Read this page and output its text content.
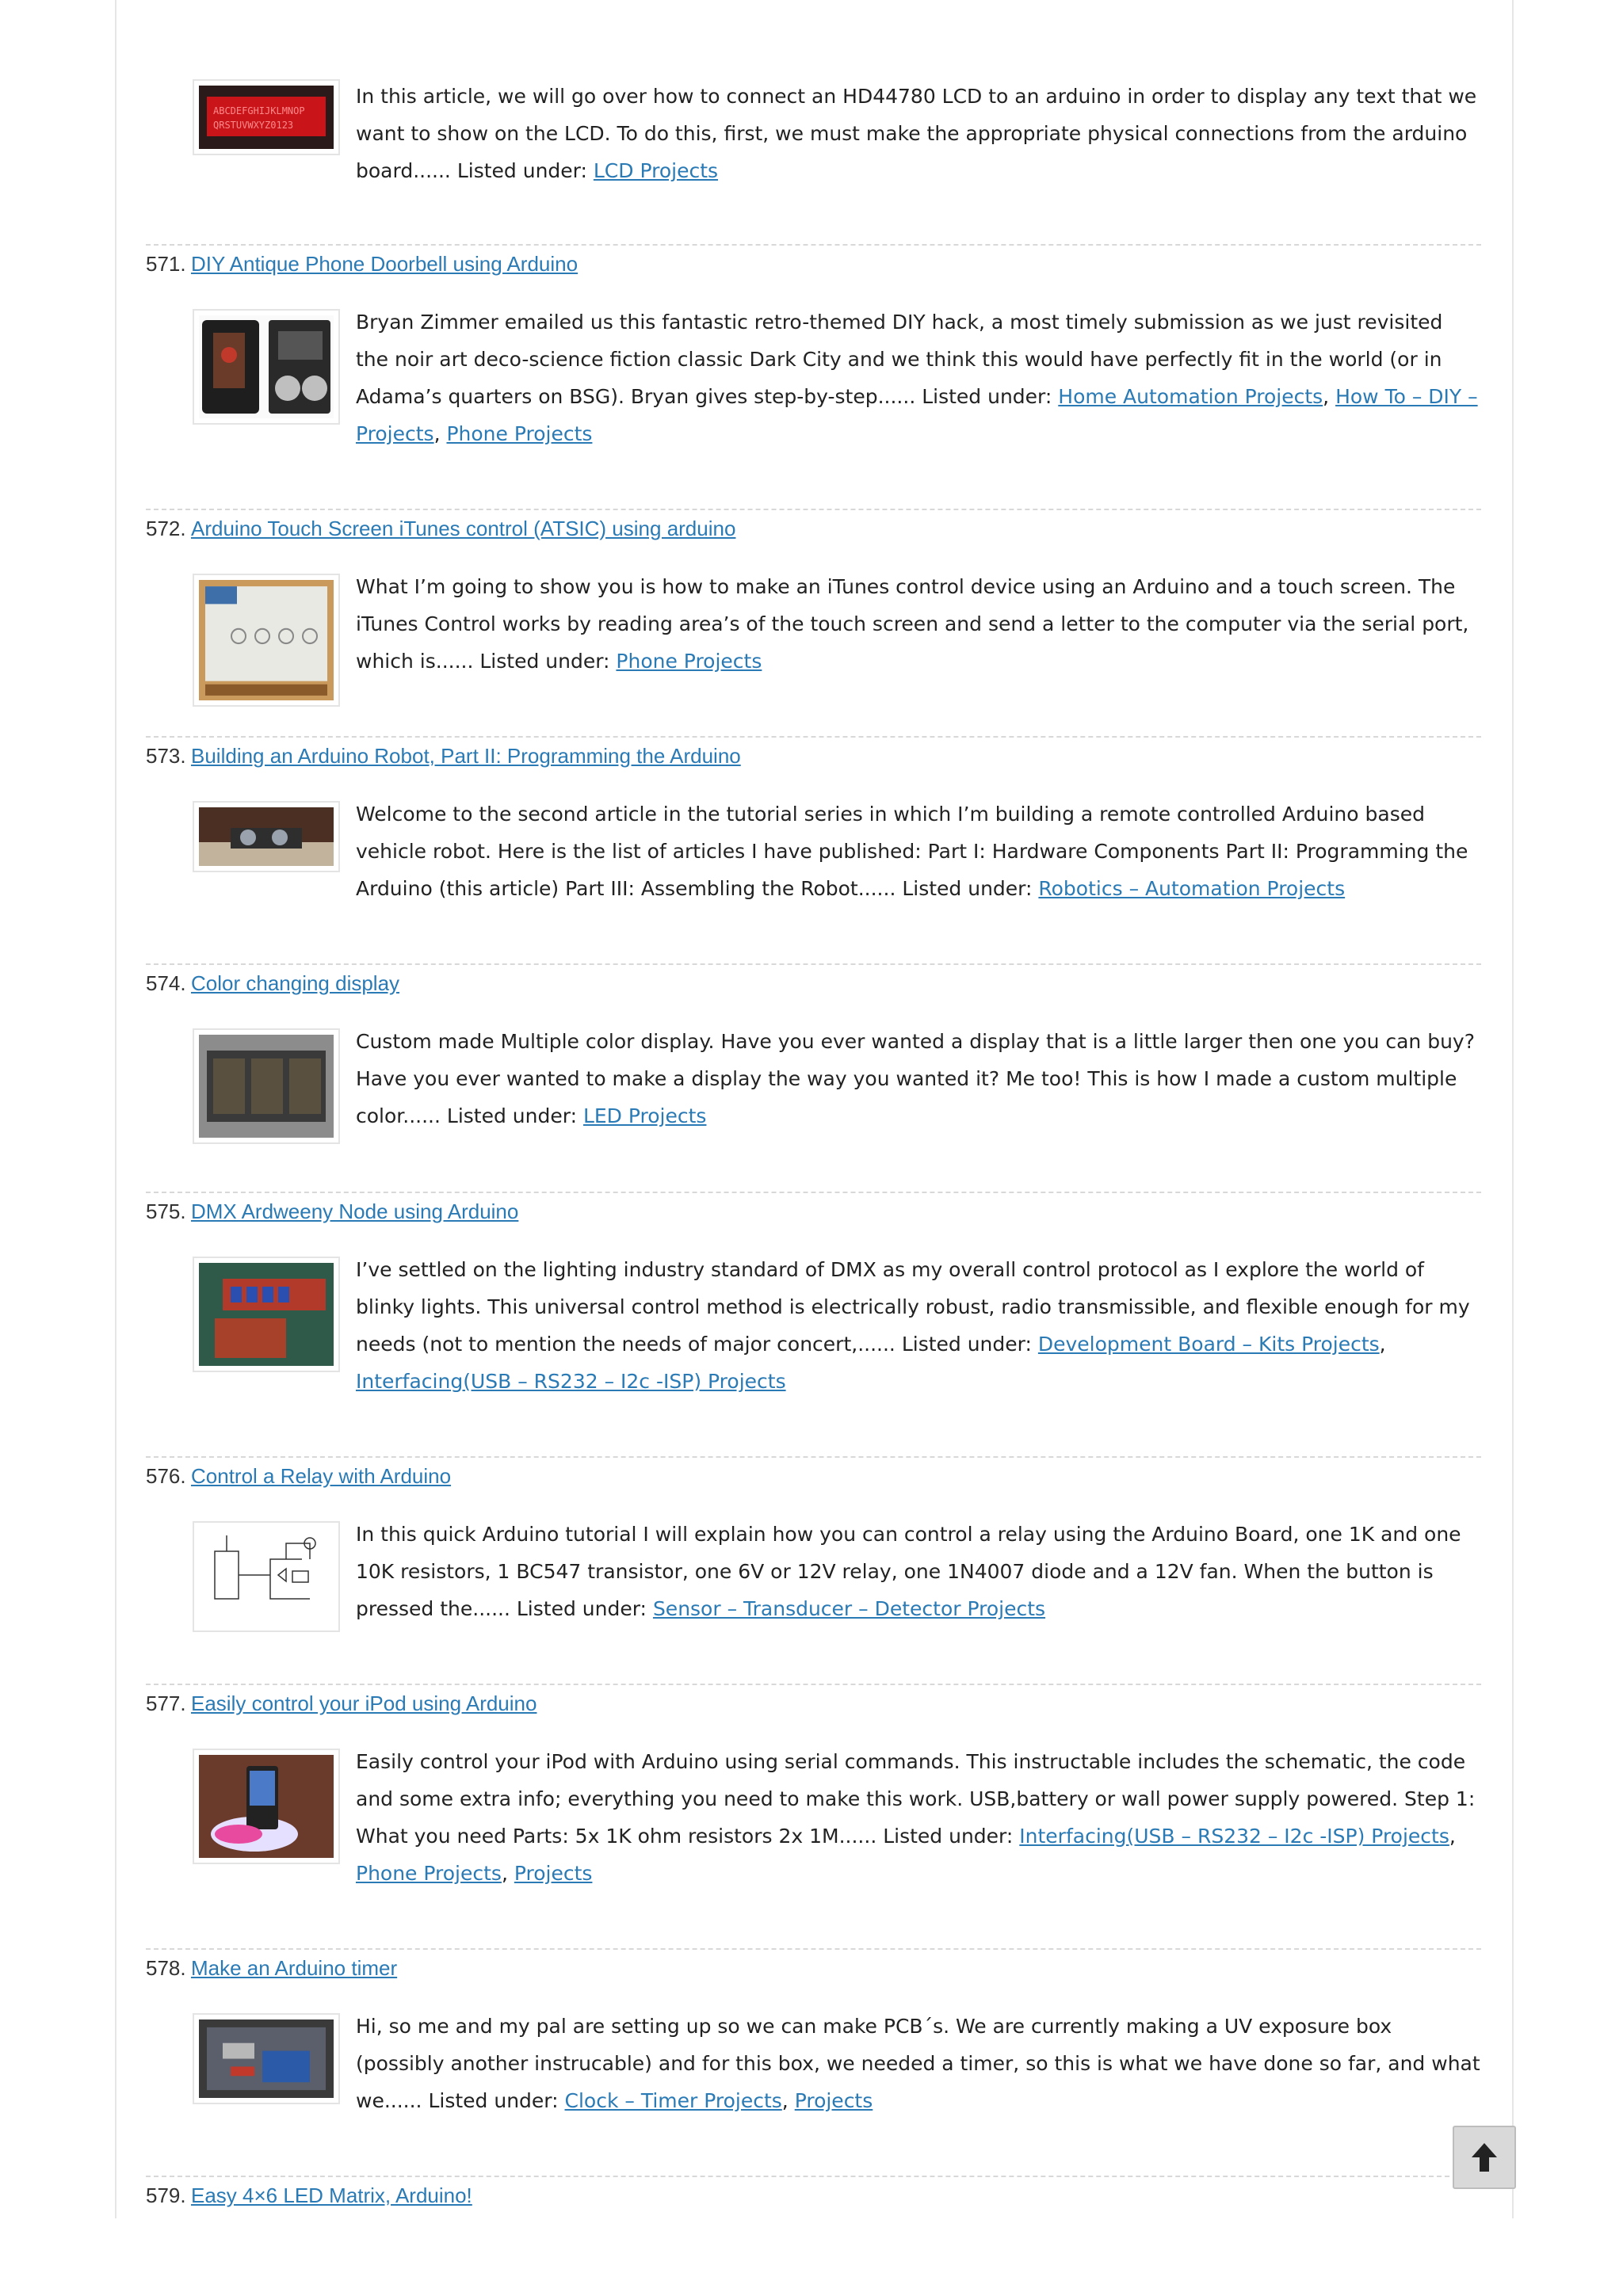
ABCDEFGHIJKLMNOP
QRSTUVWXYZ0123
In this article, we will go over how to connect an HD44780 LCD to an arduino in order to display any text that we want to show on the LCD. To do this, first, we must make the appropriate physical connections from the arduino board...... Listed under: LCD Projects
571. DIY Antique Phone Doorbell using Arduino
Bryan Zimmer emailed us this fantastic retro-themed DIY hack, a most timely submission as we just revisited the noir art deco-science fiction classic Dark City and we think this would have perfectly fit in the world (or in Adama’s quarters on BSG). Bryan gives step-by-step...... Listed under: Home Automation Projects, How To – DIY – Projects, Phone Projects
572. Arduino Touch Screen iTunes control (ATSIC) using arduino
What I’m going to show you is how to make an iTunes control device using an Arduino and a touch screen. The iTunes Control works by reading area’s of the touch screen and send a letter to the computer via the serial port, which is...... Listed under: Phone Projects
573. Building an Arduino Robot, Part II: Programming the Arduino
Welcome to the second article in the tutorial series in which I’m building a remote controlled Arduino based vehicle robot. Here is the list of articles I have published: Part I: Hardware Components Part II: Programming the Arduino (this article) Part III: Assembling the Robot...... Listed under: Robotics – Automation Projects
574. Color changing display
Custom made Multiple color display. Have you ever wanted a display that is a little larger then one you can buy? Have you ever wanted to make a display the way you wanted it? Me too! This is how I made a custom multiple color...... Listed under: LED Projects
575. DMX Ardweeny Node using Arduino
I’ve settled on the lighting industry standard of DMX as my overall control protocol as I explore the world of blinky lights. This universal control method is electrically robust, radio transmissible, and flexible enough for my needs (not to mention the needs of major concert,...... Listed under: Development Board – Kits Projects, Interfacing(USB – RS232 – I2c -ISP) Projects
576. Control a Relay with Arduino
In this quick Arduino tutorial I will explain how you can control a relay using the Arduino Board, one 1K and one 10K resistors, 1 BC547 transistor, one 6V or 12V relay, one 1N4007 diode and a 12V fan. When the button is pressed the...... Listed under: Sensor – Transducer – Detector Projects
577. Easily control your iPod using Arduino
Easily control your iPod with Arduino using serial commands. This instructable includes the schematic, the code and some extra info; everything you need to make this work. USB,battery or wall power supply powered. Step 1: What you need Parts: 5x 1K ohm resistors 2x 1M...... Listed under: Interfacing(USB – RS232 – I2c -ISP) Projects, Phone Projects, Projects
578. Make an Arduino timer
Hi, so me and my pal are setting up so we can make PCB´s. We are currently making a UV exposure box (possibly another instrucable) and for this box, we needed a timer, so this is what we have done so far, and what we...... Listed under: Clock – Timer Projects, Projects
579. Easy 4×6 LED Matrix, Arduino!
